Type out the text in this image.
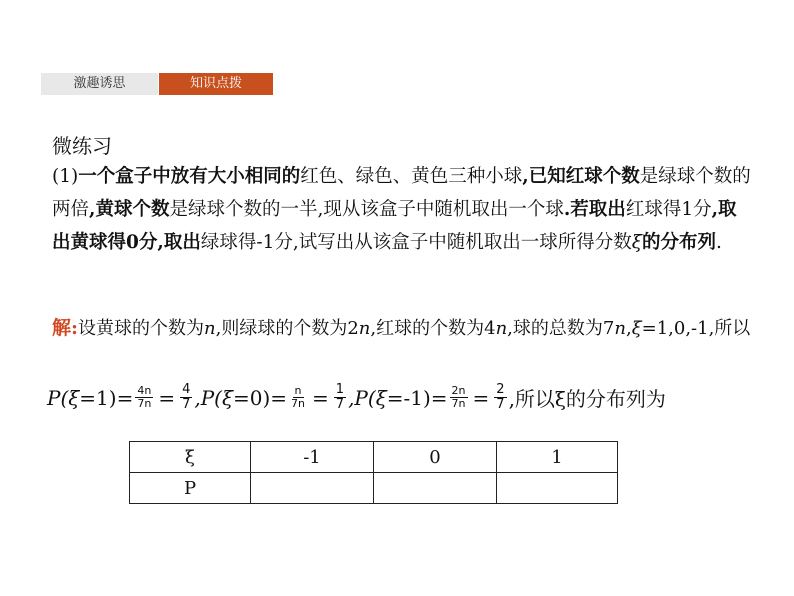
激趣诱思	知识点拨
微练习
(1)一个盒子中放有大小相同的红色、绿色、黄色三种小球,已知红球个数是绿球个数的两倍,黄球个数是绿球个数的一半,现从该盒子中随机取出一个球.若取出红球得1分,取出黄球得0分,取出绿球得-1分,试写出从该盒子中随机取出一球所得分数ξ的分布列.
解:设黄球的个数为n,则绿球的个数为2n,红球的个数为4n,球的总数为7n,ξ=1,0,-1,所以
P( $\xi =1)= \frac{4n}{7n} = \frac{4}{7} ,P$( $\xi =0)= \frac{n}{7n} = \frac{1}{7} ,P$( $\xi =-1)= \frac{2n}{7n} = \frac{2}{7}$ ,所以ξ的分布列为
ξ	-1	0	1
P			
